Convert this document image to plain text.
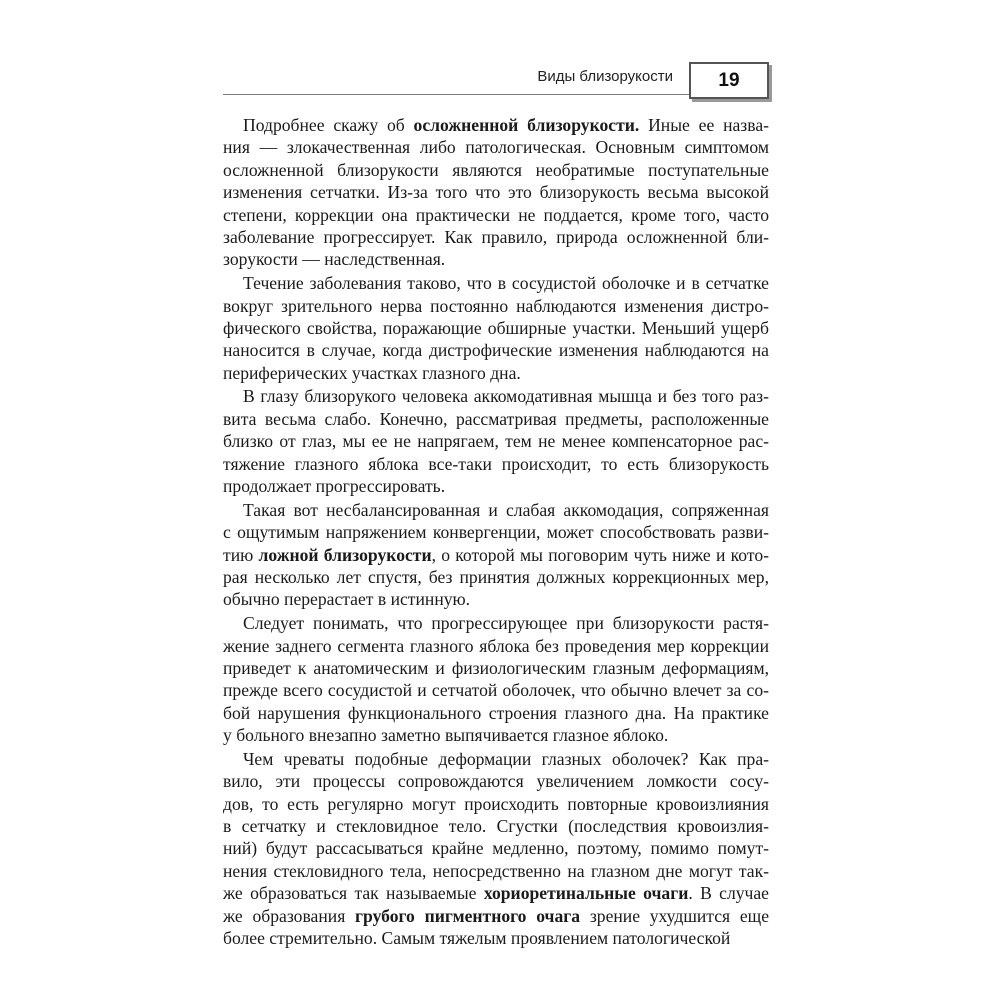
Виды близорукости 19
Подробнее скажу об осложненной близорукости. Иные ее назва-
ния — злокачественная либо патологическая. Основным симптомом
осложненной близорукости являются необратимые поступательные
изменения сетчатки. Из-за того что это близорукость весьма высокой
степени, коррекции она практически не поддается, кроме того, часто
заболевание прогрессирует. Как правило, природа осложненной бли-
зорукости — наследственная.
Течение заболевания таково, что в сосудистой оболочке и в сетчатке
вокруг зрительного нерва постоянно наблюдаются изменения дистро-
фического свойства, поражающие обширные участки. Меньший ущерб
наносится в случае, когда дистрофические изменения наблюдаются на
периферических участках глазного дна.
В глазу близорукого человека аккомодативная мышца и без того раз-
вита весьма слабо. Конечно, рассматривая предметы, расположенные
близко от глаз, мы ее не напрягаем, тем не менее компенсаторное рас-
тяжение глазного яблока все-таки происходит, то есть близорукость
продолжает прогрессировать.
Такая вот несбалансированная и слабая аккомодация, сопряженная
с ощутимым напряжением конвергенции, может способствовать разви-
тию ложной близорукости, о которой мы поговорим чуть ниже и кото-
рая несколько лет спустя, без принятия должных коррекционных мер,
обычно перерастает в истинную.
Следует понимать, что прогрессирующее при близорукости растя-
жение заднего сегмента глазного яблока без проведения мер коррекции
приведет к анатомическим и физиологическим глазным деформациям,
прежде всего сосудистой и сетчатой оболочек, что обычно влечет за со-
бой нарушения функционального строения глазного дна. На практике
у больного внезапно заметно выпячивается глазное яблоко.
Чем чреваты подобные деформации глазных оболочек? Как пра-
вило, эти процессы сопровождаются увеличением ломкости сосу-
дов, то есть регулярно могут происходить повторные кровоизлияния
в сетчатку и стекловидное тело. Сгустки (последствия кровоизлия-
ний) будут рассасываться крайне медленно, поэтому, помимо помут-
нения стекловидного тела, непосредственно на глазном дне могут так-
же образоваться так называемые хориоретинальные очаги. В случае
же образования грубого пигментного очага зрение ухудшится еще
более стремительно. Самым тяжелым проявлением патологической
